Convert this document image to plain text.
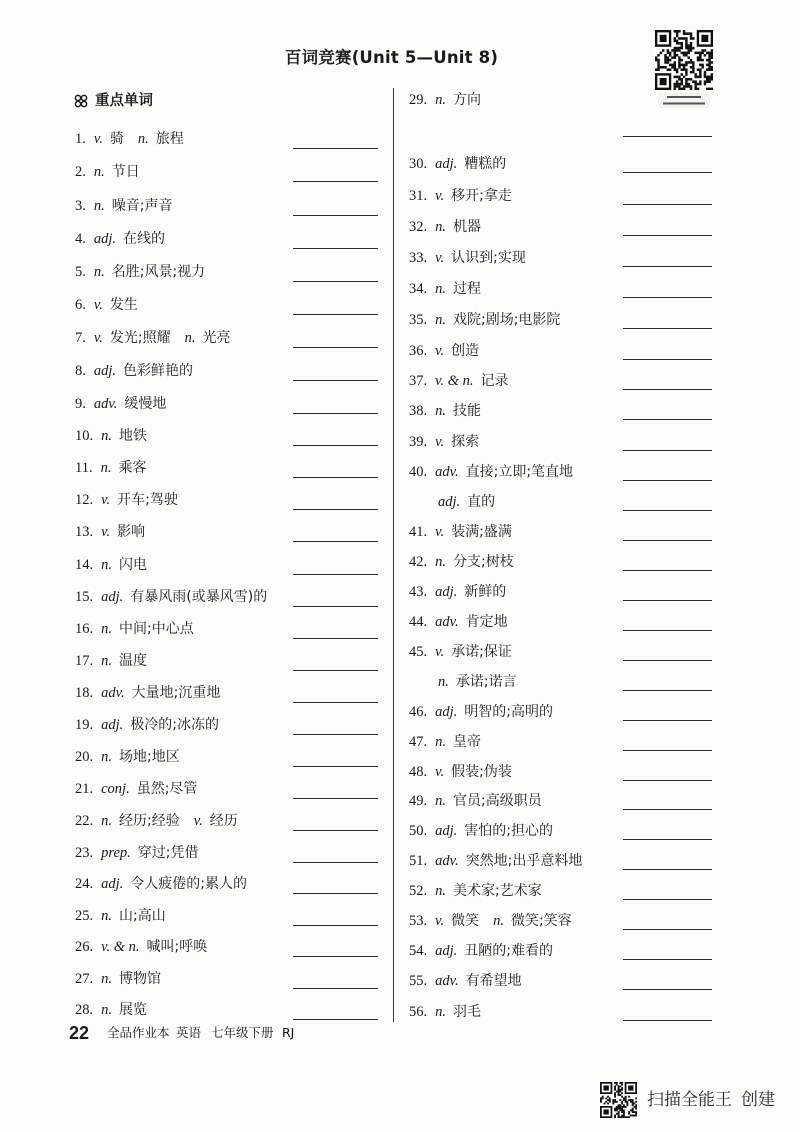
百词竞赛(Unit 5—Unit 8)
重点单词
1. v. 骑 n. 旅程
2. n. 节日
3. n. 噪音;声音
4. adj. 在线的
5. n. 名胜;风景;视力
6. v. 发生
7. v. 发光;照耀 n. 光亮
8. adj. 色彩鲜艳的
9. adv. 缓慢地
10. n. 地铁
11. n. 乘客
12. v. 开车;驾驶
13. v. 影响
14. n. 闪电
15. adj. 有暴风雨(或暴风雪)的
16. n. 中间;中心点
17. n. 温度
18. adv. 大量地;沉重地
19. adj. 极冷的;冰冻的
20. n. 场地;地区
21. conj. 虽然;尽管
22. n. 经历;经验 v. 经历
23. prep. 穿过;凭借
24. adj. 令人疲倦的;累人的
25. n. 山;高山
26. v. & n. 喊叫;呼唤
27. n. 博物馆
28. n. 展览
29. n. 方向
30. adj. 糟糕的
31. v. 移开;拿走
32. n. 机器
33. v. 认识到;实现
34. n. 过程
35. n. 戏院;剧场;电影院
36. v. 创造
37. v. & n. 记录
38. n. 技能
39. v. 探索
40. adv. 直接;立即;笔直地
adj. 直的
41. v. 装满;盛满
42. n. 分支;树枝
43. adj. 新鲜的
44. adv. 肯定地
45. v. 承诺;保证
n. 承诺;诺言
46. adj. 明智的;高明的
47. n. 皇帝
48. v. 假装;伪装
49. n. 官员;高级职员
50. adj. 害怕的;担心的
51. adv. 突然地;出乎意料地
52. n. 美术家;艺术家
53. v. 微笑 n. 微笑;笑容
54. adj. 丑陋的;难看的
55. adv. 有希望地
56. n. 羽毛
22 全品作业本 英语 七年级下册 RJ
扫描全能王 创建
